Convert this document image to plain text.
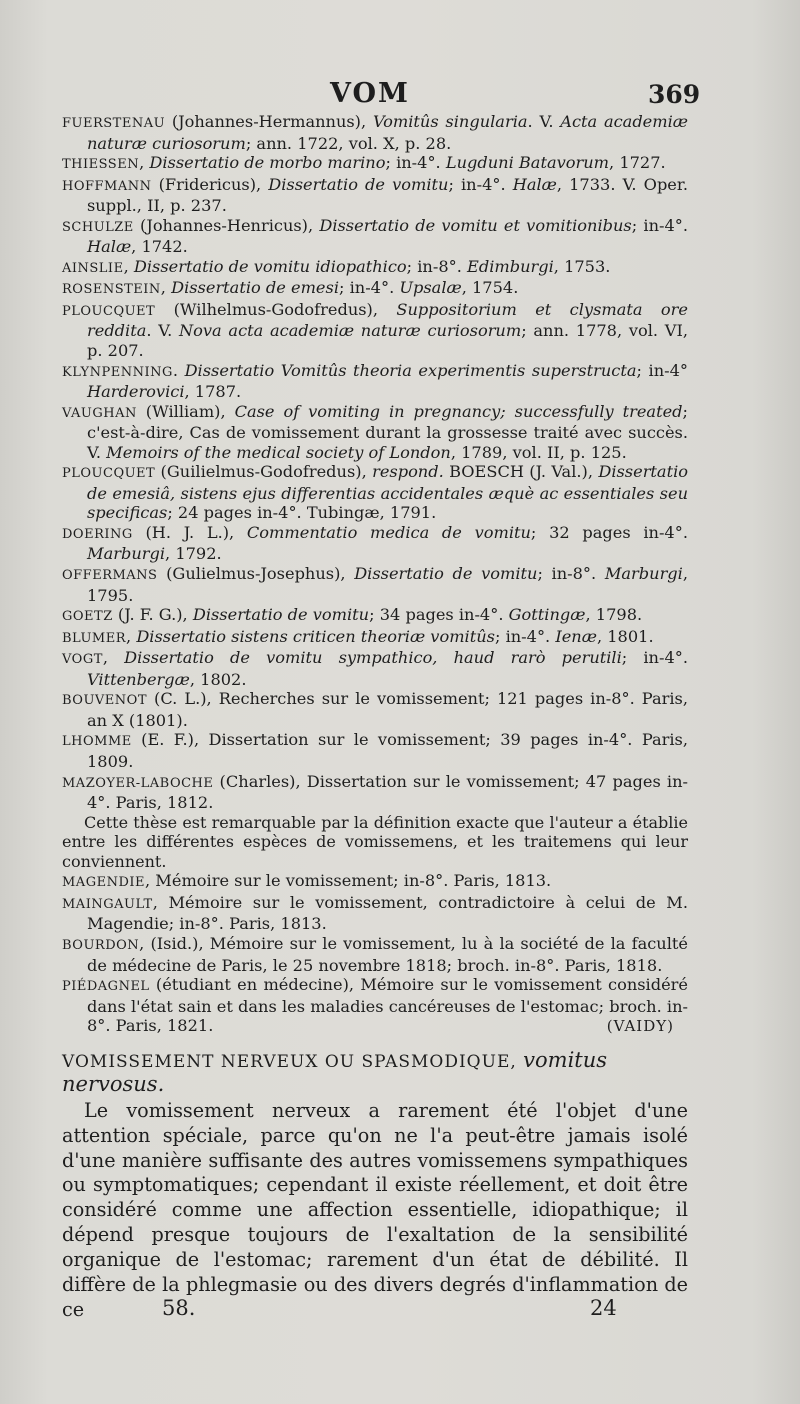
VOM	369
FUERSTENAU (Johannes-Hermannus), Vomitûs singularia. V. Acta academiæ naturæ curiosorum; ann. 1722, vol. X, p. 28.
THIESSEN, Dissertatio de morbo marino; in-4°. Lugduni Batavorum, 1727.
HOFFMANN (Fridericus), Dissertatio de vomitu; in-4°. Halæ, 1733. V. Oper. suppl., II, p. 237.
SCHULZE (Johannes-Henricus), Dissertatio de vomitu et vomitionibus; in-4°. Halæ, 1742.
AINSLIE, Dissertatio de vomitu idiopathico; in-8°. Edimburgi, 1753.
ROSENSTEIN, Dissertatio de emesi; in-4°. Upsalæ, 1754.
PLOUCQUET (Wilhelmus-Godofredus), Suppositorium et clysmata ore reddita. V. Nova acta academiæ naturæ curiosorum; ann. 1778, vol. VI, p. 207.
KLYNPENNING. Dissertatio Vomitûs theoria experimentis superstructa; in-4° Harderovici, 1787.
VAUGHAN (William), Case of vomiting in pregnancy; successfully treated; c'est-à-dire, Cas de vomissement durant la grossesse traité avec succès. V. Memoirs of the medical society of London, 1789, vol. II, p. 125.
PLOUCQUET (Guilielmus-Godofredus), respond. BOESCH (J. Val.), Dissertatio de emesiâ, sistens ejus differentias accidentales æquè ac essentiales seu specificas; 24 pages in-4°. Tubingæ, 1791.
DOERING (H. J. L.), Commentatio medica de vomitu; 32 pages in-4°. Marburgi, 1792.
OFFERMANS (Gulielmus-Josephus), Dissertatio de vomitu; in-8°. Marburgi, 1795.
GOETZ (J. F. G.), Dissertatio de vomitu; 34 pages in-4°. Gottingæ, 1798.
BLUMER, Dissertatio sistens criticen theoriæ vomitûs; in-4°. Ienæ, 1801.
VOGT, Dissertatio de vomitu sympathico, haud rarò perutili; in-4°. Vittenbergæ, 1802.
BOUVENOT (C. L.), Recherches sur le vomissement; 121 pages in-8°. Paris, an X (1801).
LHOMME (E. F.), Dissertation sur le vomissement; 39 pages in-4°. Paris, 1809.
MAZOYER-LABOCHE (Charles), Dissertation sur le vomissement; 47 pages in-4°. Paris, 1812.
Cette thèse est remarquable par la définition exacte que l'auteur a établie entre les différentes espèces de vomissemens, et les traitemens qui leur conviennent.
MAGENDIE, Mémoire sur le vomissement; in-8°. Paris, 1813.
MAINGAULT, Mémoire sur le vomissement, contradictoire à celui de M. Magendie; in-8°. Paris, 1813.
BOURDON, (Isid.), Mémoire sur le vomissement, lu à la société de la faculté de médecine de Paris, le 25 novembre 1818; broch. in-8°. Paris, 1818.
PIÉDAGNEL (étudiant en médecine), Mémoire sur le vomissement considéré dans l'état sain et dans les maladies cancéreuses de l'estomac; broch. in-8°. Paris, 1821.	(VAIDY)
VOMISSEMENT NERVEUX OU SPASMODIQUE, vomitus nervosus.
Le vomissement nerveux a rarement été l'objet d'une attention spéciale, parce qu'on ne l'a peut-être jamais isolé d'une manière suffisante des autres vomissemens sympathiques ou symptomatiques; cependant il existe réellement, et doit être considéré comme une affection essentielle, idiopathique; il dépend presque toujours de l'exaltation de la sensibilité organique de l'estomac; rarement d'un état de débilité. Il diffère de la phlegmasie ou des divers degrés d'inflammation de ce	58.	24
